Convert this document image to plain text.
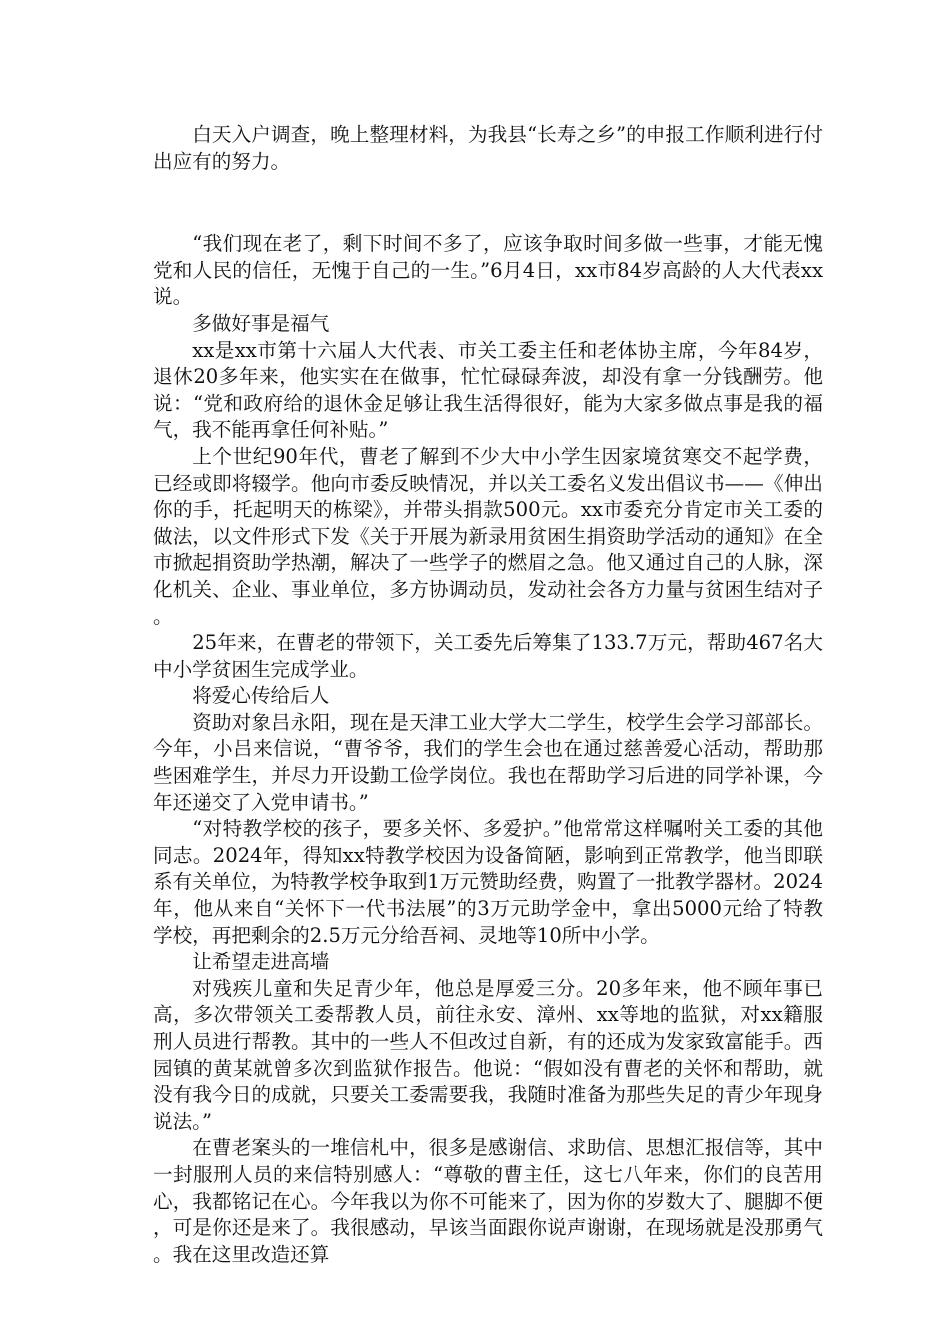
白天入户调查，晚上整理材料，为我县“长寿之乡”的申报工作顺利进行付出应有的努力。

“我们现在老了，剩下时间不多了，应该争取时间多做一些事，才能无愧党和人民的信任，无愧于自己的一生。”6月4日，xx市84岁高龄的人大代表xx说。

多做好事是福气

xx是xx市第十六届人大代表、市关工委主任和老体协主席，今年84岁，退休20多年来，他实实在在做事，忙忙碌碌奔波，却没有拿一分钱酬劳。他说：“党和政府给的退休金足够让我生活得很好，能为大家多做点事是我的福气，我不能再拿任何补贴。”

上个世纪90年代，曹老了解到不少大中小学生因家境贫寒交不起学费，已经或即将辍学。他向市委反映情况，并以关工委名义发出倡议书——《伸出你的手，托起明天的栋梁》，并带头捐款500元。xx市委充分肯定市关工委的做法，以文件形式下发《关于开展为新录用贫困生捐资助学活动的通知》在全市掀起捐资助学热潮，解决了一些学子的燃眉之急。他又通过自己的人脉，深化机关、企业、事业单位，多方协调动员，发动社会各方力量与贫困生结对子。

25年来，在曹老的带领下，关工委先后筹集了133.7万元，帮助467名大中小学贫困生完成学业。

将爱心传给后人

资助对象吕永阳，现在是天津工业大学大二学生，校学生会学习部部长。今年，小吕来信说，“曹爷爷，我们的学生会也在通过慈善爱心活动，帮助那些困难学生，并尽力开设勤工俭学岗位。我也在帮助学习后进的同学补课，今年还递交了入党申请书。”

“对特教学校的孩子，要多关怀、多爱护。”他常常这样嘱咐关工委的其他同志。2024年，得知xx特教学校因为设备简陋，影响到正常教学，他当即联系有关单位，为特教学校争取到1万元赞助经费，购置了一批教学器材。2024年，他从来自“关怀下一代书法展”的3万元助学金中，拿出5000元给了特教学校，再把剩余的2.5万元分给吾祠、灵地等10所中小学。

让希望走进高墙

对残疾儿童和失足青少年，他总是厚爱三分。20多年来，他不顾年事已高，多次带领关工委帮教人员，前往永安、漳州、xx等地的监狱，对xx籍服刑人员进行帮教。其中的一些人不但改过自新，有的还成为发家致富能手。西园镇的黄某就曾多次到监狱作报告。他说：“假如没有曹老的关怀和帮助，就没有我今日的成就，只要关工委需要我，我随时准备为那些失足的青少年现身说法。”

在曹老案头的一堆信札中，很多是感谢信、求助信、思想汇报信等，其中一封服刑人员的来信特别感人：“尊敬的曹主任，这七八年来，你们的良苦用心，我都铭记在心。今年我以为你不可能来了，因为你的岁数大了、腿脚不便，可是你还是来了。我很感动，早该当面跟你说声谢谢，在现场就是没那勇气。我在这里改造还算
